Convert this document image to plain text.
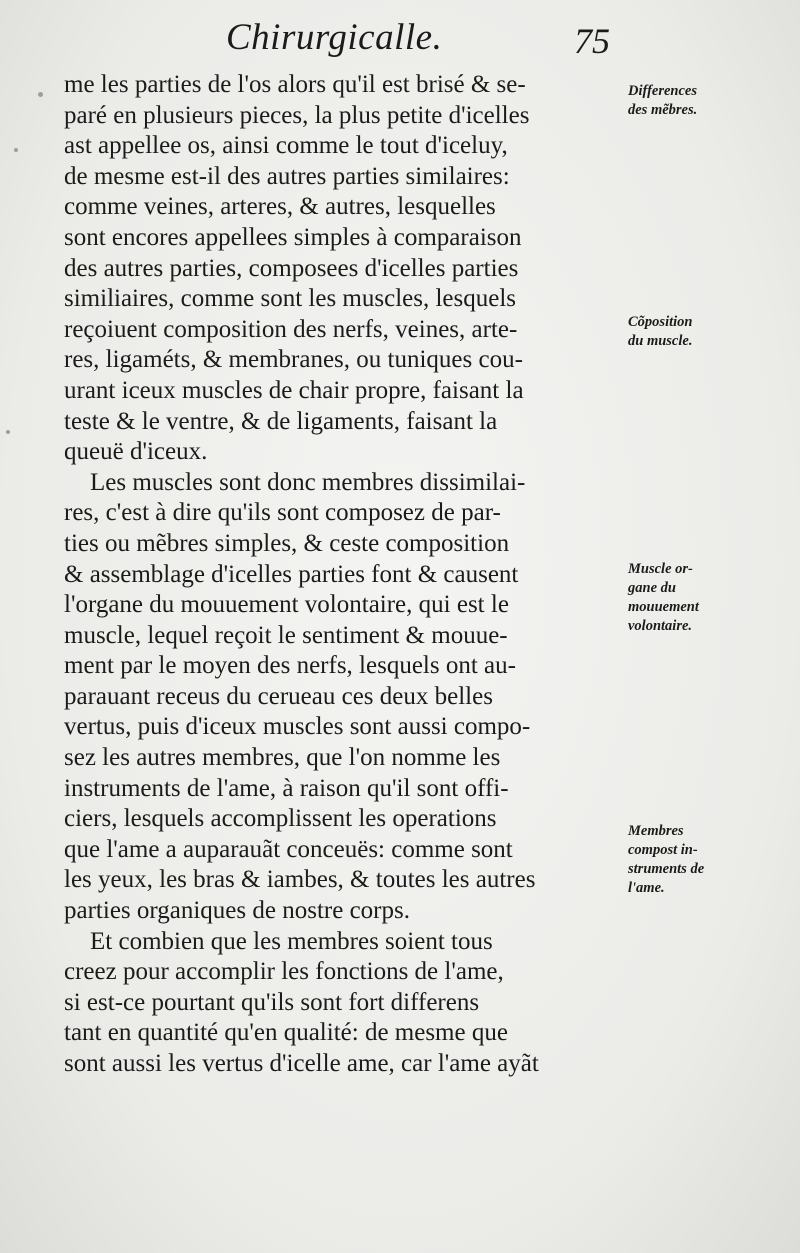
Chirurgicalle.	75
me les parties de l'os alors qu'il est brisé & se-
paré en plusieurs pieces, la plus petite d'icelles
ast appellee os, ainsi comme le tout d'iceluy,
de mesme est-il des autres parties similaires:
comme veines, arteres, & autres, lesquelles
sont encores appellees simples à comparaison
des autres parties, composees d'icelles parties
similiaires, comme sont les muscles, lesquels
reçoiuent composition des nerfs, veines, arte-
res, ligaméts, & membranes, ou tuniques cou-
urant iceux muscles de chair propre, faisant la
teste & le ventre, & de ligaments, faisant la
queuë d'iceux.
Les muscles sont donc membres dissimilai-
res, c'est à dire qu'ils sont composez de par-
ties ou mẽbres simples, & ceste composition
& assemblage d'icelles parties font & causent
l'organe du mouuement volontaire, qui est le
muscle, lequel reçoit le sentiment & mouue-
ment par le moyen des nerfs, lesquels ont au-
parauant receus du cerueau ces deux belles
vertus, puis d'iceux muscles sont aussi compo-
sez les autres membres, que l'on nomme les
instruments de l'ame, à raison qu'il sont offi-
ciers, lesquels accomplissent les operations
que l'ame a auparauãt conceuës: comme sont
les yeux, les bras & iambes, & toutes les autres
parties organiques de nostre corps.
Et combien que les membres soient tous
creez pour accomplir les fonctions de l'ame,
si est-ce pourtant qu'ils sont fort differens
tant en quantité qu'en qualité: de mesme que
sont aussi les vertus d'icelle ame, car l'ame ayãt
Differences
des mẽbres.
Cõposition
du muscle.
Muscle or-
gane du
mouuement
volontaire.
Membres
compost in-
struments de
l'ame.
